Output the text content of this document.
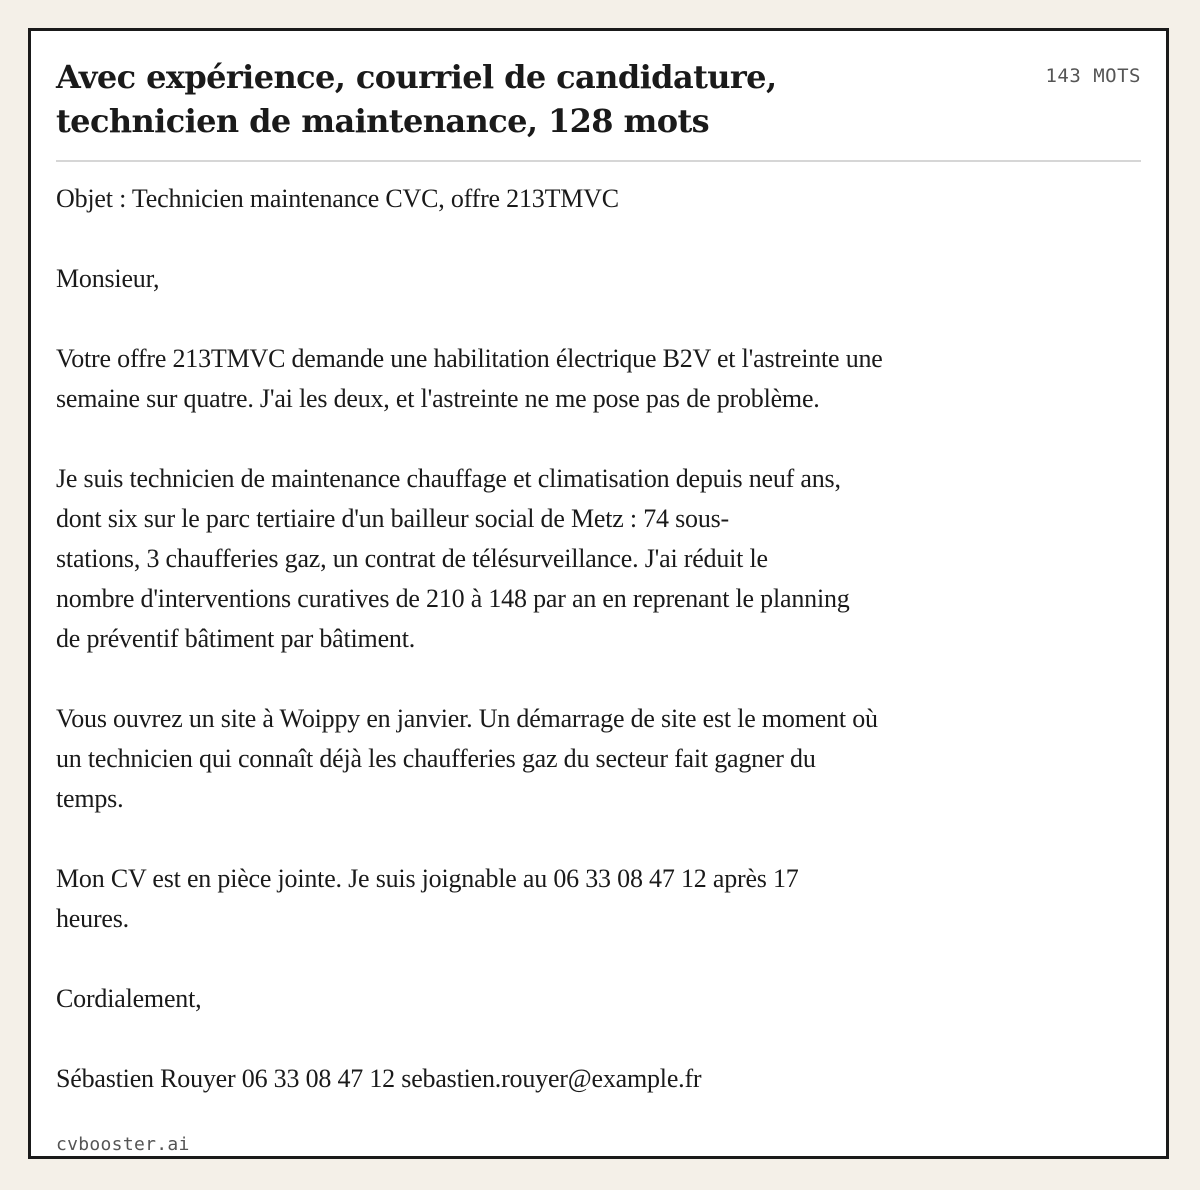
Avec expérience, courriel de candidature,
technicien de maintenance, 128 mots
143 MOTS

Objet : Technicien maintenance CVC, offre 213TMVC

Monsieur,

Votre offre 213TMVC demande une habilitation électrique B2V et l'astreinte une
semaine sur quatre. J'ai les deux, et l'astreinte ne me pose pas de problème.

Je suis technicien de maintenance chauffage et climatisation depuis neuf ans,
dont six sur le parc tertiaire d'un bailleur social de Metz : 74 sous-
stations, 3 chaufferies gaz, un contrat de télésurveillance. J'ai réduit le
nombre d'interventions curatives de 210 à 148 par an en reprenant le planning
de préventif bâtiment par bâtiment.

Vous ouvrez un site à Woippy en janvier. Un démarrage de site est le moment où
un technicien qui connaît déjà les chaufferies gaz du secteur fait gagner du
temps.

Mon CV est en pièce jointe. Je suis joignable au 06 33 08 47 12 après 17
heures.

Cordialement,

Sébastien Rouyer 06 33 08 47 12 sebastien.rouyer@example.fr

cvbooster.ai
